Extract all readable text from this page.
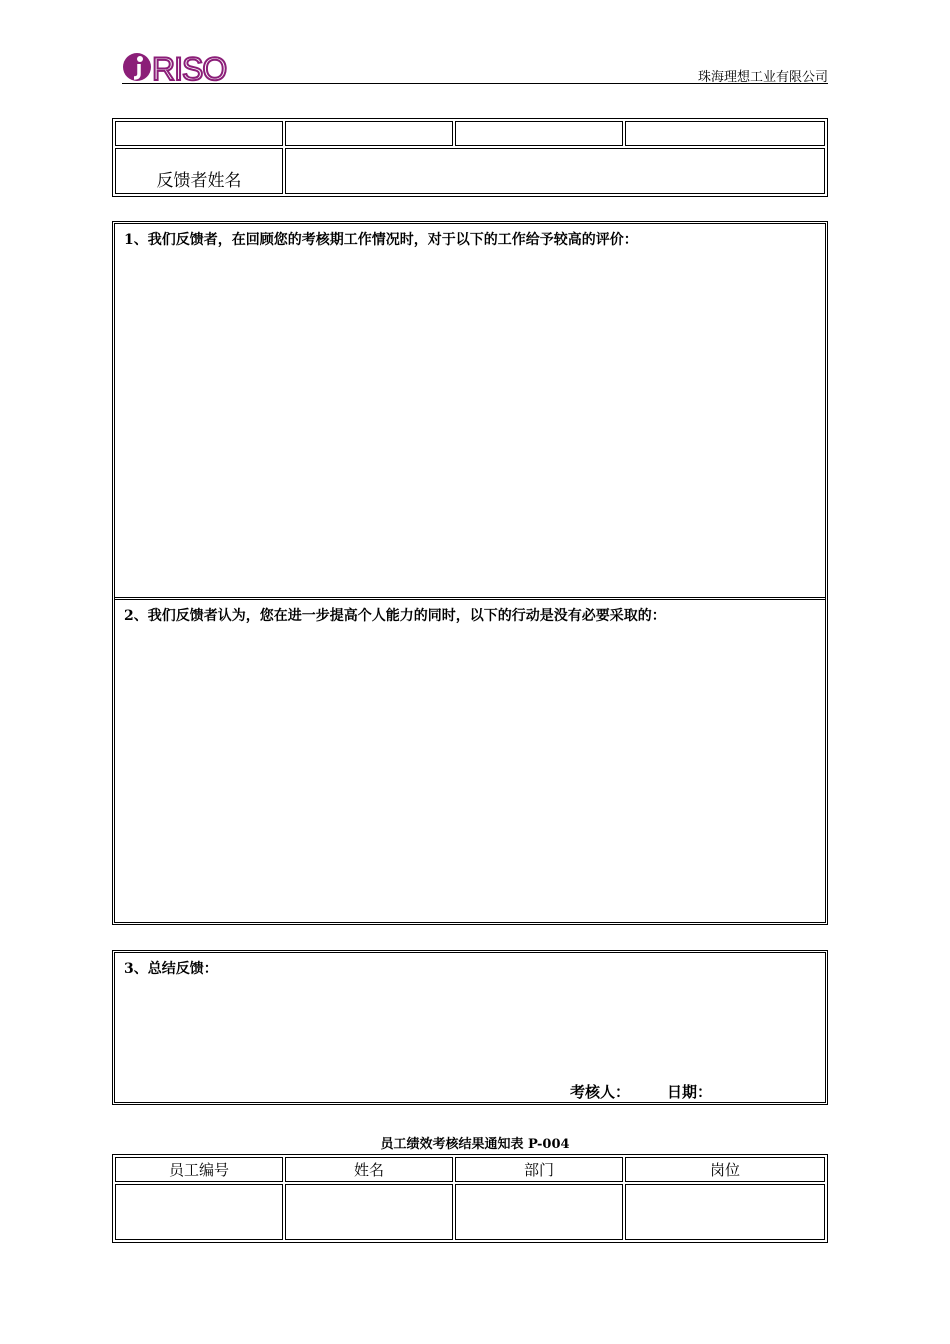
RISO	珠海理想工业有限公司

反馈者姓名			
1、我们反馈者，在回顾您的考核期工作情况时，对于以下的工作给予较高的评价：
2、我们反馈者认为，您在进一步提高个人能力的同时，以下的行动是没有必要采取的：
3、总结反馈：
考核人： 日期：
员工绩效考核结果通知表 P-004
员工编号	姓名	部门	岗位
